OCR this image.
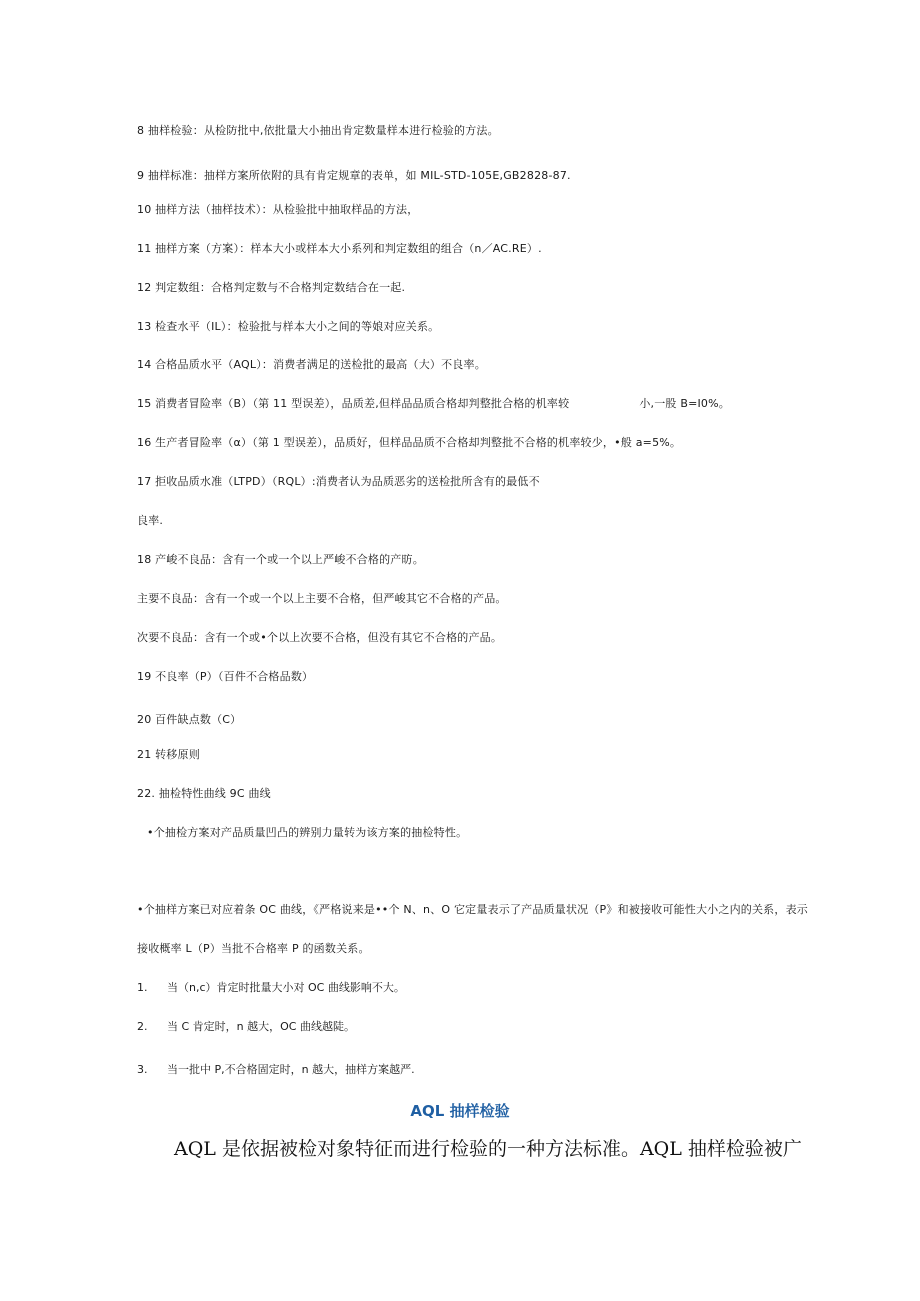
8 抽样检验：从检防批中,依批量大小抽出肯定数量样本进行检验的方法。
9 抽样标准：抽样方案所依附的具有肯定规章的表单，如 MIL-STD-105E,GB2828-87.
10 抽样方法（抽样技术）：从检验批中抽取样品的方法，
11 抽样方案（方案）：样本大小或样本大小系列和判定数组的组合（n／AC.RE）.
12 判定数组：合格判定数与不合格判定数结合在一起.
13 检查水平（IL）：检验批与样本大小之间的等娘对应关系。
14 合格品质水平（AQL）：消费者满足的送检批的最高（大）不良率。
15 消费者冒险率（B）（第 11 型误差），品质差,但样品品质合格却判整批合格的机率较	小,一股 B=I0%。
16 生产者冒险率（α）（第 1 型误差），品质好，但样品品质不合格却判整批不合格的机率较少，•般 a=5%。
17 拒收品质水准（LTPD）（RQL）:消费者认为品质恶劣的送检批所含有的最低不
良率.
18 产峻不良品：含有一个或一个以上严峻不合格的产昉。
主要不良品：含有一个或一个以上主要不合格，但严峻其它不合格的产品。
次要不良品：含有一个或•个以上次要不合格，但没有其它不合格的产品。
19 不良率（P）（百件不合格品数）
20 百件缺点数（C）
21 转移原则
22. 抽检特性曲线 9C 曲线
•个抽检方案对产品质量凹凸的辨别力量转为该方案的抽检特性。
•个抽样方案已对应着条 OC 曲线，《严格说来是••个 N、n、O 它定量表示了产品质量状况（P》和被接收可能性大小之内的关系，表示
接收概率 L（P）当批不合格率 P 的函数关系。
1. 当（n,c）肯定时批量大小对 OC 曲线影响不大。
2. 当 C 肯定时，n 越大，OC 曲线越陡。
3. 当一批中 P,不合格固定时，n 越大，抽样方案越严.
AQL 抽样检验
AQL 是依据被检对象特征而进行检验的一种方法标准。AQL 抽样检验被广
